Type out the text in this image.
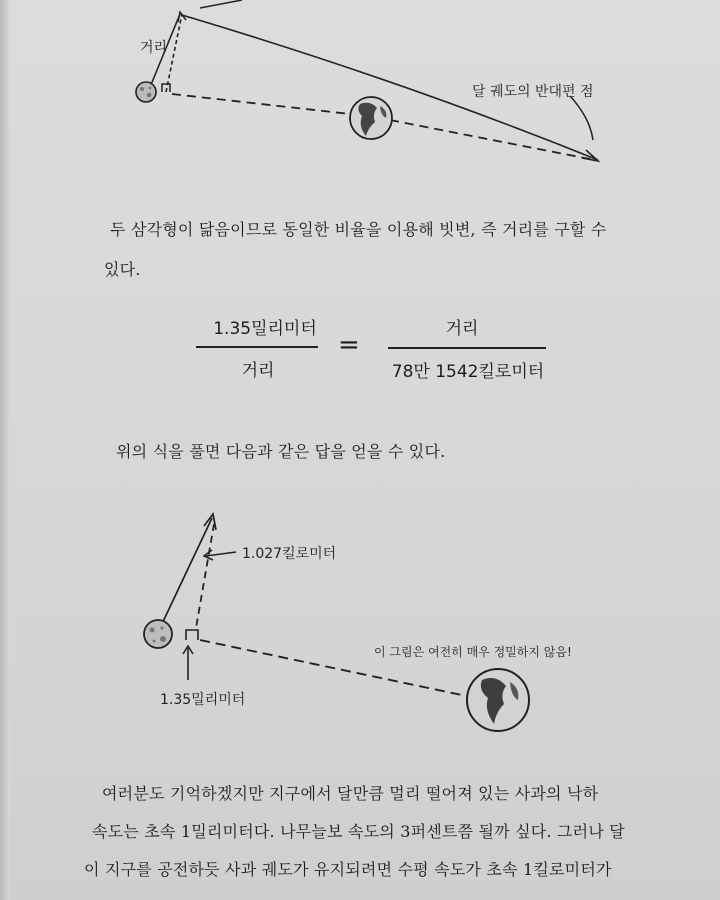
거리
달 궤도의 반대편 점
두 삼각형이 닮음이므로 동일한 비율을 이용해 빗변, 즉 거리를 구할 수
있다.
1.35밀리미터
거리
=
거리
78만 1542킬로미터
위의 식을 풀면 다음과 같은 답을 얻을 수 있다.
1.027킬로미터
1.35밀리미터
이 그림은 여전히 매우 정밀하지 않음!
여러분도 기억하겠지만 지구에서 달만큼 멀리 떨어져 있는 사과의 낙하
속도는 초속 1밀리미터다. 나무늘보 속도의 3퍼센트쯤 될까 싶다. 그러나 달
이 지구를 공전하듯 사과 궤도가 유지되려면 수평 속도가 초속 1킬로미터가
